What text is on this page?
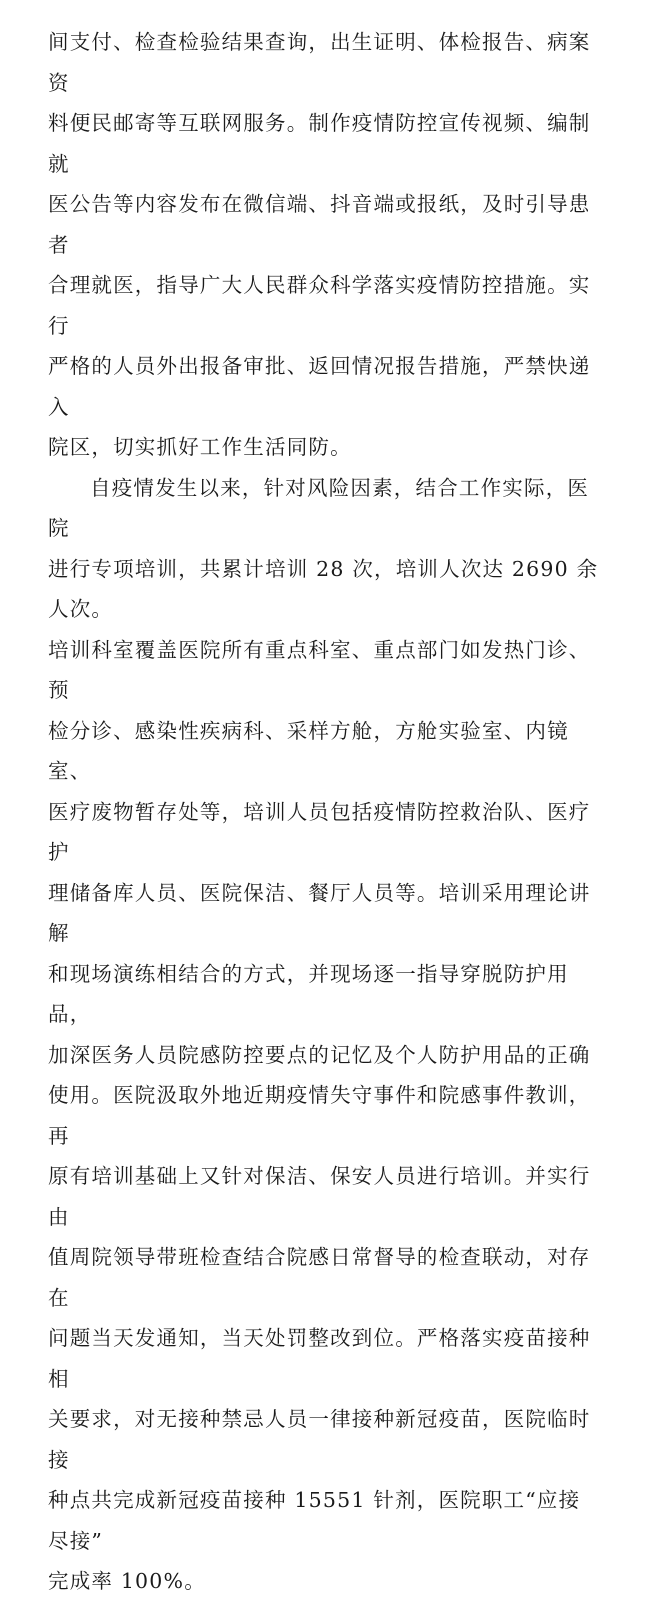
间支付、检查检验结果查询，出生证明、体检报告、病案资
料便民邮寄等互联网服务。制作疫情防控宣传视频、编制就
医公告等内容发布在微信端、抖音端或报纸，及时引导患者
合理就医，指导广大人民群众科学落实疫情防控措施。实行
严格的人员外出报备审批、返回情况报告措施，严禁快递入
院区，切实抓好工作生活同防。

自疫情发生以来，针对风险因素，结合工作实际，医院
进行专项培训，共累计培训 28 次，培训人次达 2690 余人次。
培训科室覆盖医院所有重点科室、重点部门如发热门诊、预
检分诊、感染性疾病科、采样方舱，方舱实验室、内镜室、
医疗废物暂存处等，培训人员包括疫情防控救治队、医疗护
理储备库人员、医院保洁、餐厅人员等。培训采用理论讲解
和现场演练相结合的方式，并现场逐一指导穿脱防护用品，
加深医务人员院感防控要点的记忆及个人防护用品的正确
使用。医院汲取外地近期疫情失守事件和院感事件教训，再
原有培训基础上又针对保洁、保安人员进行培训。并实行由
值周院领导带班检查结合院感日常督导的检查联动，对存在
问题当天发通知，当天处罚整改到位。严格落实疫苗接种相
关要求，对无接种禁忌人员一律接种新冠疫苗，医院临时接
种点共完成新冠疫苗接种 15551 针剂，医院职工“应接尽接”
完成率 100%。
